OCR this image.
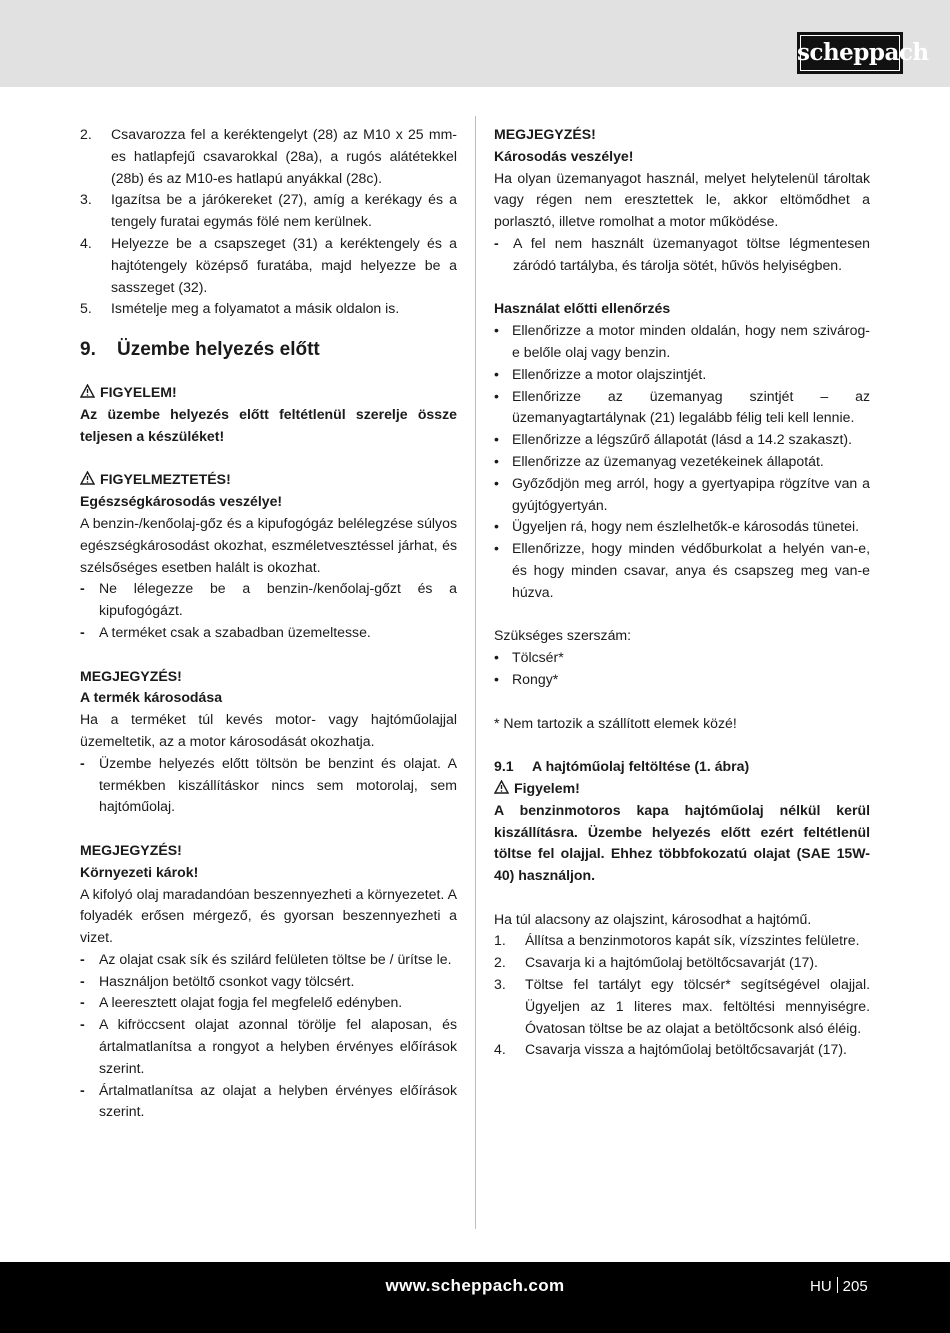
scheppach
2.	Csavarozza fel a keréktengelyt (28) az M10 x 25 mm-es hatlapfejű csavarokkal (28a), a rugós alátétekkel (28b) és az M10-es hatlapú anyákkal (28c).
3.	Igazítsa be a járókereket (27), amíg a kerékagy és a tengely furatai egymás fölé nem kerülnek.
4.	Helyezze be a csapszeget (31) a keréktengely és a hajtótengely középső furatába, majd helyezze be a sasszeget (32).
5.	Ismételje meg a folyamatot a másik oldalon is.
9.	Üzembe helyezés előtt
FIGYELEM!
Az üzembe helyezés előtt feltétlenül szerelje össze teljesen a készüléket!
FIGYELMEZTETÉS!
Egészségkárosodás veszélye!
A benzin-/kenőolaj-gőz és a kipufogógáz belélegzése súlyos egészségkárosodást okozhat, eszméletvesztéssel járhat, és szélsőséges esetben halált is okozhat.
-	Ne lélegezze be a benzin-/kenőolaj-gőzt és a kipufogógázt.
-	A terméket csak a szabadban üzemeltesse.
MEGJEGYZÉS!
A termék károsodása
Ha a terméket túl kevés motor- vagy hajtóműolajjal üzemeltetik, az a motor károsodását okozhatja.
-	Üzembe helyezés előtt töltsön be benzint és olajat. A termékben kiszállításkor nincs sem motorolaj, sem hajtóműolaj.
MEGJEGYZÉS!
Környezeti károk!
A kifolyó olaj maradandóan beszennyezheti a környezetet. A folyadék erősen mérgező, és gyorsan beszennyezheti a vizet.
-	Az olajat csak sík és szilárd felületen töltse be / ürítse le.
-	Használjon betöltő csonkot vagy tölcsért.
-	A leeresztett olajat fogja fel megfelelő edényben.
-	A kifröccsent olajat azonnal törölje fel alaposan, és ártalmatlanítsa a rongyot a helyben érvényes előírások szerint.
-	Ártalmatlanítsa az olajat a helyben érvényes előírások szerint.
MEGJEGYZÉS!
Károsodás veszélye!
Ha olyan üzemanyagot használ, melyet helytelenül tároltak vagy régen nem eresztettek le, akkor eltömődhet a porlasztó, illetve romolhat a motor működése.
-	A fel nem használt üzemanyagot töltse légmentesen záródó tartályba, és tárolja sötét, hűvös helyiségben.
Használat előtti ellenőrzés
• Ellenőrizze a motor minden oldalán, hogy nem szivárog-e belőle olaj vagy benzin.
• Ellenőrizze a motor olajszintjét.
• Ellenőrizze az üzemanyag szintjét – az üzemanyagtartálynak (21) legalább félig teli kell lennie.
• Ellenőrizze a légszűrő állapotát (lásd a 14.2 szakaszt).
• Ellenőrizze az üzemanyag vezetékeinek állapotát.
• Győződjön meg arról, hogy a gyertyapipa rögzítve van a gyújtógyertyán.
• Ügyeljen rá, hogy nem észlelhetők-e károsodás tünetei.
• Ellenőrizze, hogy minden védőburkolat a helyén van-e, és hogy minden csavar, anya és csapszeg meg van-e húzva.
Szükséges szerszám:
• Tölcsér*
• Rongy*
* Nem tartozik a szállított elemek közé!
9.1	A hajtóműolaj feltöltése (1. ábra)
Figyelem!
A benzinmotoros kapa hajtóműolaj nélkül kerül kiszállításra. Üzembe helyezés előtt ezért feltétlenül töltse fel olajjal. Ehhez többfokozatú olajat (SAE 15W-40) használjon.
Ha túl alacsony az olajszint, károsodhat a hajtómű.
1.	Állítsa a benzinmotoros kapát sík, vízszintes felületre.
2.	Csavarja ki a hajtóműolaj betöltőcsavarját (17).
3.	Töltse fel tartályt egy tölcsér* segítségével olajjal. Ügyeljen az 1 literes max. feltöltési mennyiségre. Óvatosan töltse be az olajat a betöltőcsonk alsó éléig.
4.	Csavarja vissza a hajtóműolaj betöltőcsavarját (17).
www.scheppach.com	HU 205
